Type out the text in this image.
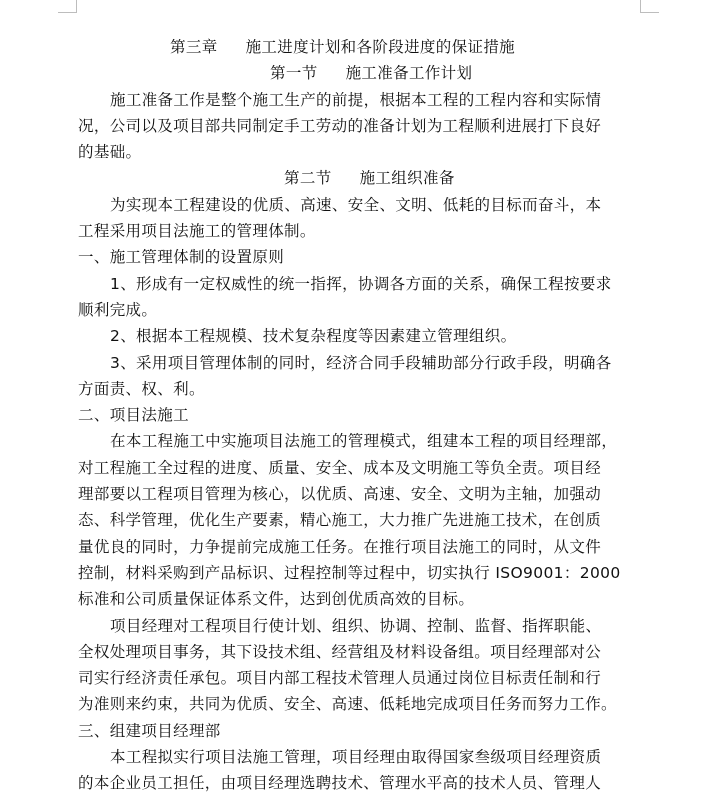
第三章 施工进度计划和各阶段进度的保证措施
第一节 施工准备工作计划
施工准备工作是整个施工生产的前提，根据本工程的工程内容和实际情
况，公司以及项目部共同制定手工劳动的准备计划为工程顺利进展打下良好
的基础。
第二节 施工组织准备
为实现本工程建设的优质、高速、安全、文明、低耗的目标而奋斗，本
工程采用项目法施工的管理体制。
一、施工管理体制的设置原则
1、形成有一定权威性的统一指挥，协调各方面的关系，确保工程按要求
顺利完成。
2、根据本工程规模、技术复杂程度等因素建立管理组织。
3、采用项目管理体制的同时，经济合同手段辅助部分行政手段，明确各
方面责、权、利。
二、项目法施工
在本工程施工中实施项目法施工的管理模式，组建本工程的项目经理部，
对工程施工全过程的进度、质量、安全、成本及文明施工等负全责。项目经
理部要以工程项目管理为核心，以优质、高速、安全、文明为主轴，加强动
态、科学管理，优化生产要素，精心施工，大力推广先进施工技术，在创质
量优良的同时，力争提前完成施工任务。在推行项目法施工的同时，从文件
控制，材料采购到产品标识、过程控制等过程中，切实执行 ISO9001：2000
标准和公司质量保证体系文件，达到创优质高效的目标。
项目经理对工程项目行使计划、组织、协调、控制、监督、指挥职能、
全权处理项目事务，其下设技术组、经营组及材料设备组。项目经理部对公
司实行经济责任承包。项目内部工程技术管理人员通过岗位目标责任制和行
为准则来约束，共同为优质、安全、高速、低耗地完成项目任务而努力工作。
三、组建项目经理部
本工程拟实行项目法施工管理，项目经理由取得国家叁级项目经理资质
的本企业员工担任，由项目经理选聘技术、管理水平高的技术人员、管理人
